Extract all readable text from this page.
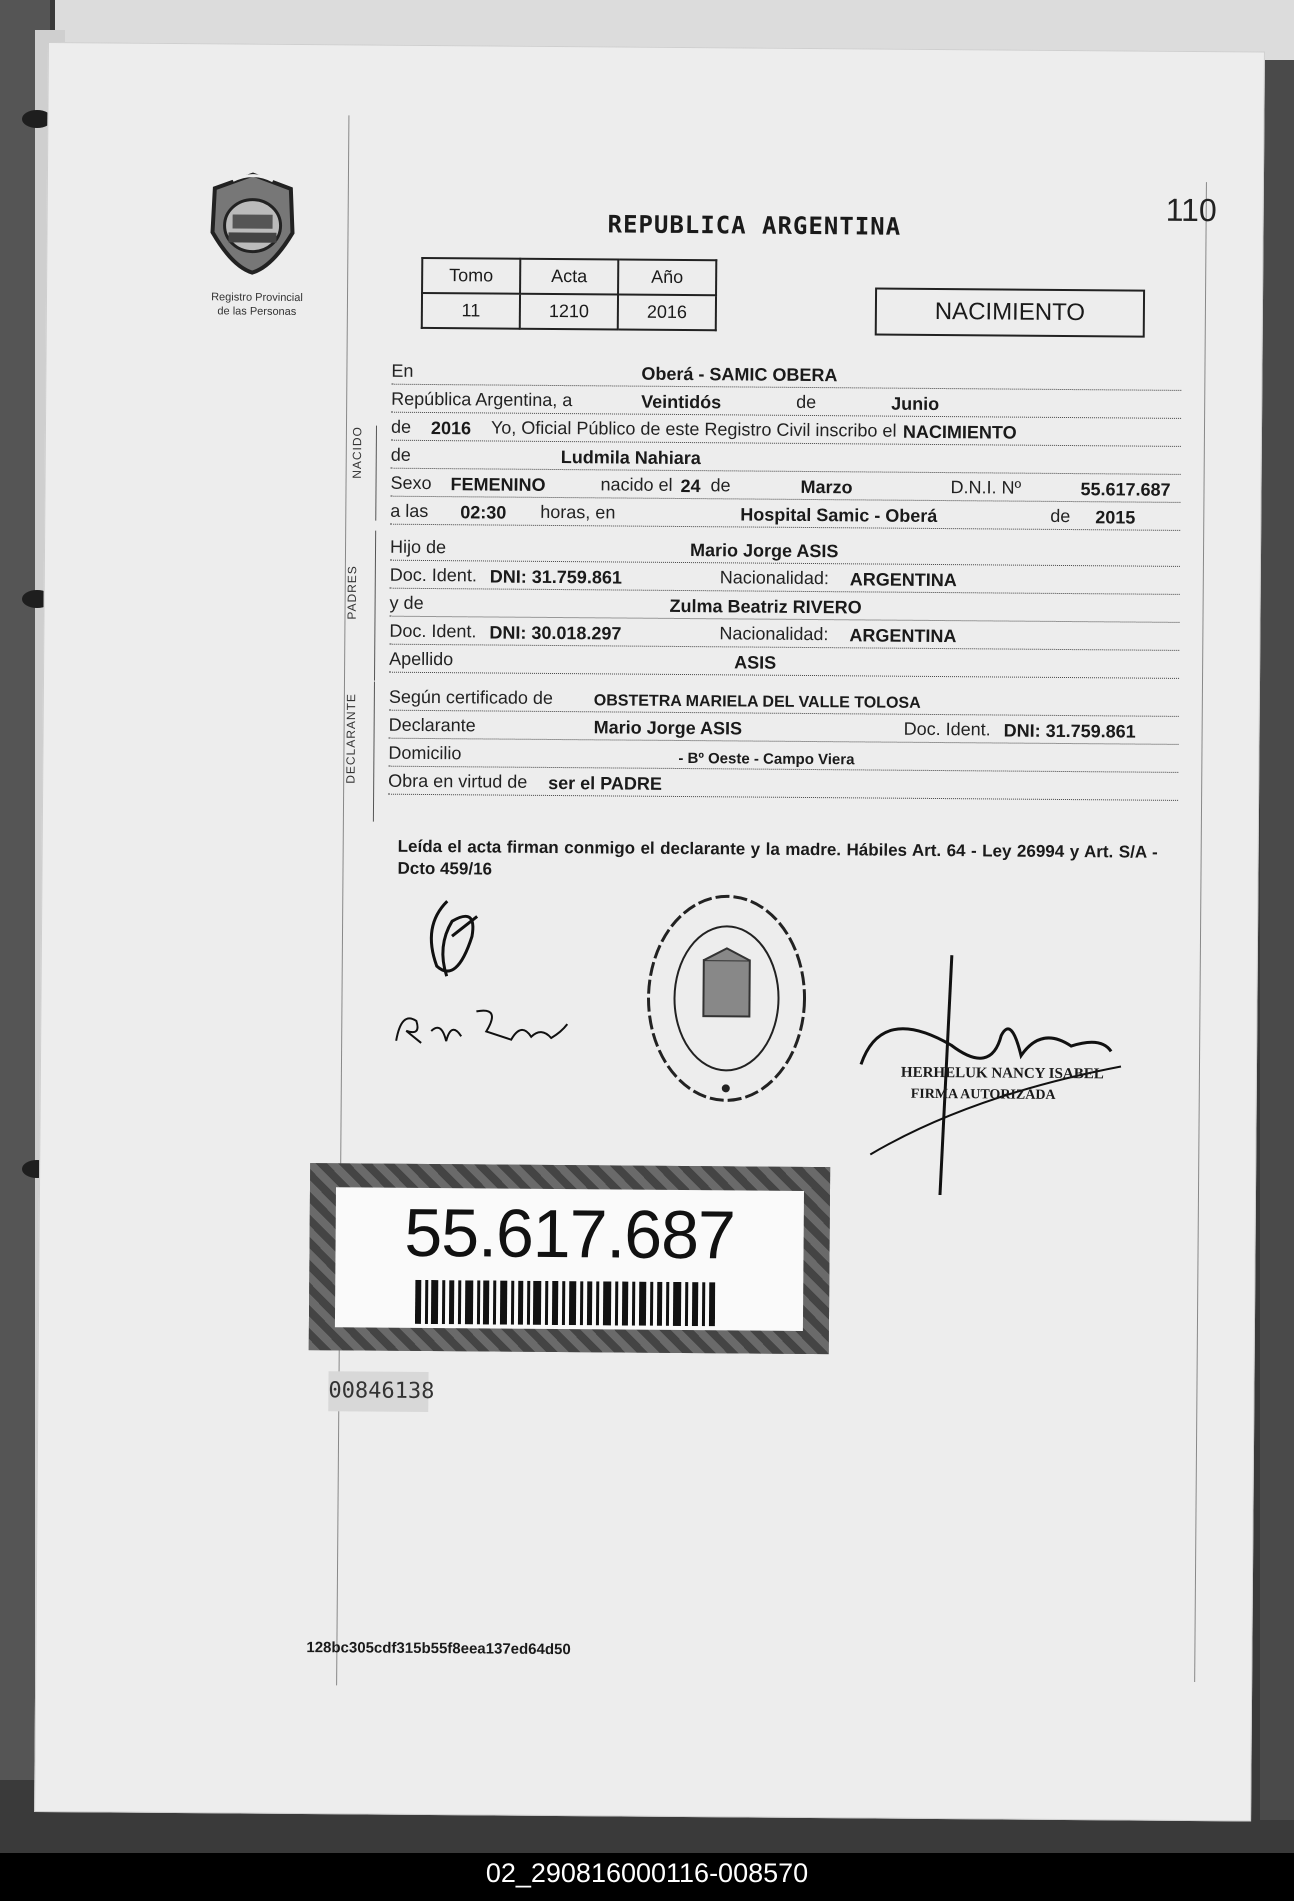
Registro Provincial
de las Personas
110
REPUBLICA ARGENTINA
Tomo	Acta	Año
11	1210	2016	NACIMIENTO
En	Oberá - SAMIC OBERA
República Argentina, a	Veintidós	de	Junio
de 2016 Yo, Oficial Público de este Registro Civil inscribo el NACIMIENTO
NACIDO de	Ludmila Nahiara
Sexo FEMENINO	nacido el 24 de	Marzo	D.N.I. Nº	55.617.687
a las 02:30 horas, en	Hospital Samic - Oberá	de 2015
PADRES
Hijo de	Mario Jorge ASIS
Doc. Ident. DNI: 31.759.861	Nacionalidad: ARGENTINA
y de	Zulma Beatriz RIVERO
Doc. Ident. DNI: 30.018.297	Nacionalidad: ARGENTINA
Apellido	ASIS
DECLARANTE Según certificado de	OBSTETRA MARIELA DEL VALLE TOLOSA
Declarante	Mario Jorge ASIS	Doc. Ident. DNI: 31.759.861
Domicilio	- Bº Oeste - Campo Viera
Obra en virtud de ser el PADRE
Leída el acta firman conmigo el declarante y la madre. Hábiles Art. 64 - Ley 26994 y Art. S/A - Dcto 459/16
HERHELUK NANCY ISABEL
FIRMA AUTORIZADA
55.617.687
00846138
128bc305cdf315b55f8eea137ed64d50
02_290816000116-008570
